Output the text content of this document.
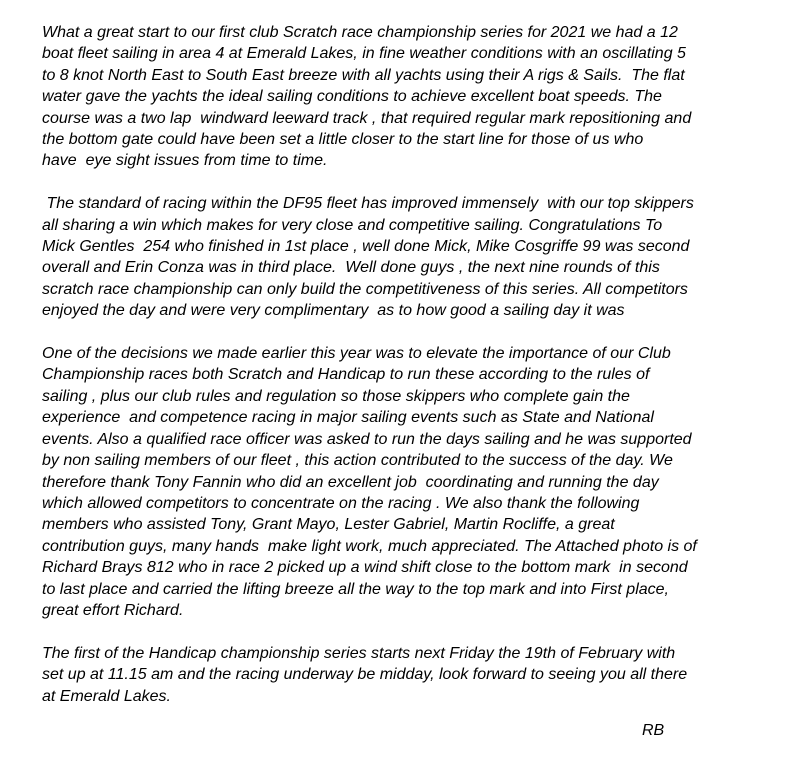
What a great start to our first club Scratch race championship series for 2021 we had a 12
boat fleet sailing in area 4 at Emerald Lakes, in fine weather conditions with an oscillating 5
to 8 knot North East to South East breeze with all yachts using their A rigs & Sails.  The flat
water gave the yachts the ideal sailing conditions to achieve excellent boat speeds. The
course was a two lap  windward leeward track , that required regular mark repositioning and
the bottom gate could have been set a little closer to the start line for those of us who
have  eye sight issues from time to time.
The standard of racing within the DF95 fleet has improved immensely  with our top skippers
all sharing a win which makes for very close and competitive sailing. Congratulations To
Mick Gentles  254 who finished in 1st place , well done Mick, Mike Cosgriffe 99 was second
overall and Erin Conza was in third place.  Well done guys , the next nine rounds of this
scratch race championship can only build the competitiveness of this series. All competitors
enjoyed the day and were very complimentary  as to how good a sailing day it was
One of the decisions we made earlier this year was to elevate the importance of our Club
Championship races both Scratch and Handicap to run these according to the rules of
sailing , plus our club rules and regulation so those skippers who complete gain the
experience  and competence racing in major sailing events such as State and National
events. Also a qualified race officer was asked to run the days sailing and he was supported
by non sailing members of our fleet , this action contributed to the success of the day. We
therefore thank Tony Fannin who did an excellent job  coordinating and running the day
which allowed competitors to concentrate on the racing . We also thank the following
members who assisted Tony, Grant Mayo, Lester Gabriel, Martin Rocliffe, a great
contribution guys, many hands  make light work, much appreciated. The Attached photo is of
Richard Brays 812 who in race 2 picked up a wind shift close to the bottom mark  in second
to last place and carried the lifting breeze all the way to the top mark and into First place,
great effort Richard.
The first of the Handicap championship series starts next Friday the 19th of February with
set up at 11.15 am and the racing underway be midday, look forward to seeing you all there
at Emerald Lakes.
RB
